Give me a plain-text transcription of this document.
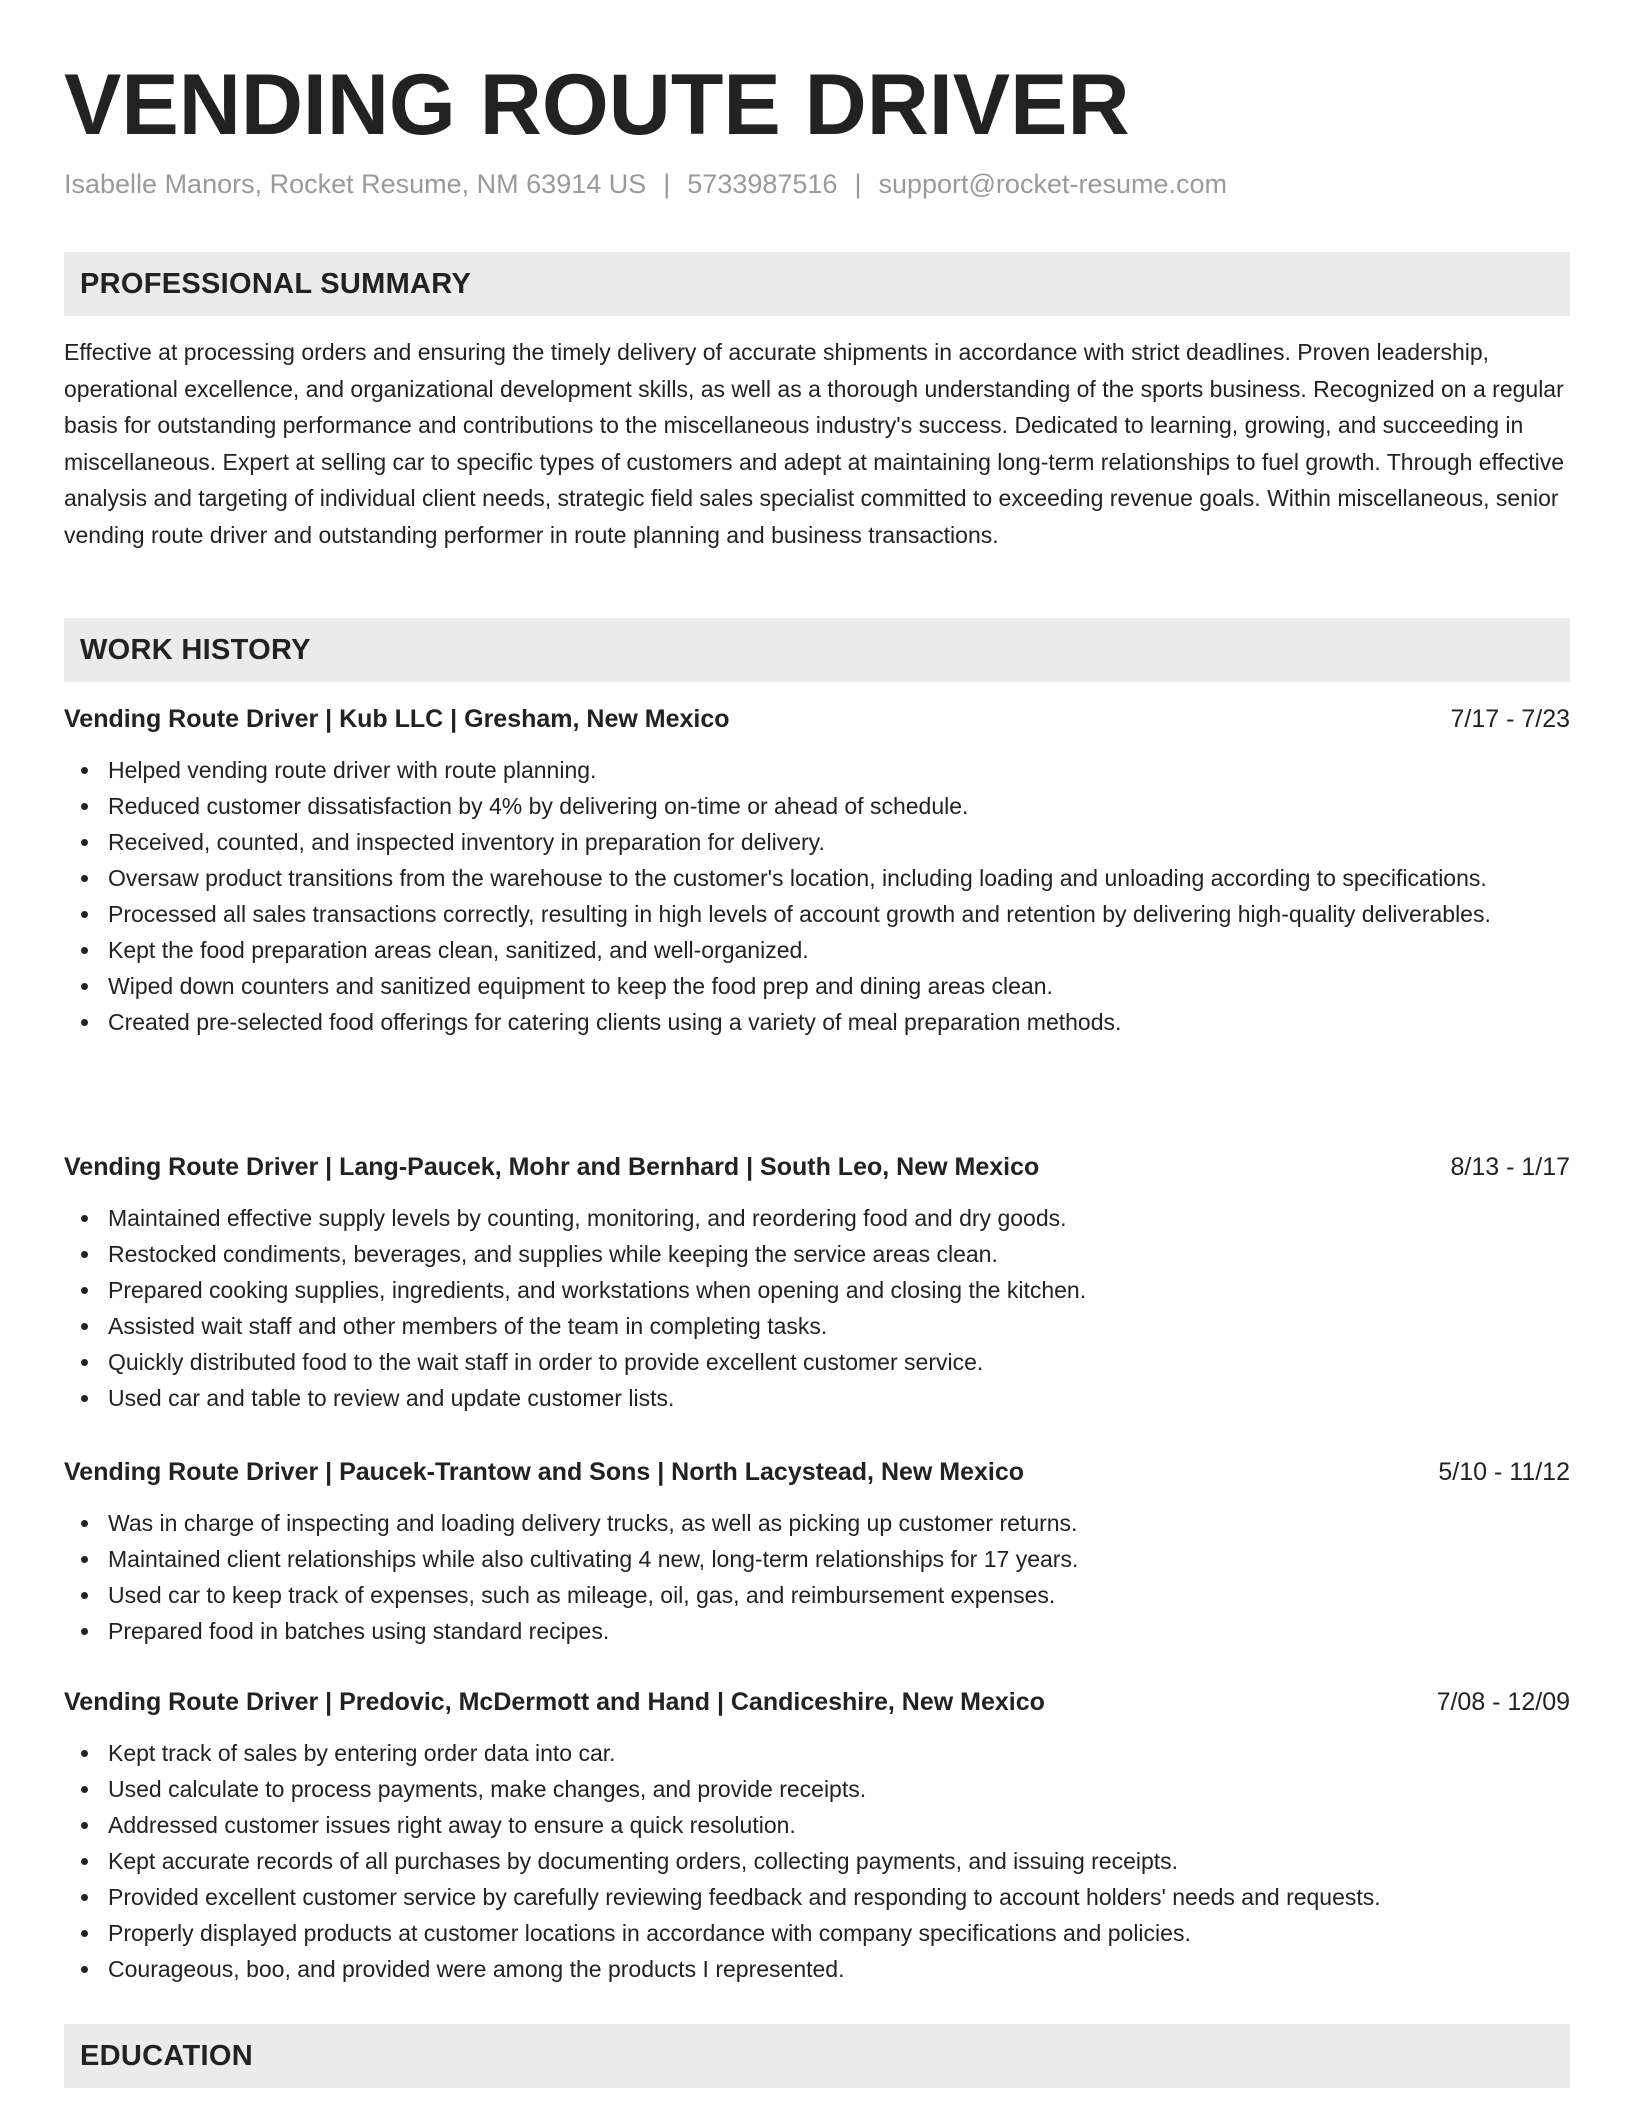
VENDING ROUTE DRIVER
Isabelle Manors, Rocket Resume, NM 63914 US | 5733987516 | support@rocket-resume.com
PROFESSIONAL SUMMARY

Effective at processing orders and ensuring the timely delivery of accurate shipments in accordance with strict deadlines. Proven leadership, operational excellence, and organizational development skills, as well as a thorough understanding of the sports business. Recognized on a regular basis for outstanding performance and contributions to the miscellaneous industry's success. Dedicated to learning, growing, and succeeding in miscellaneous. Expert at selling car to specific types of customers and adept at maintaining long-term relationships to fuel growth. Through effective analysis and targeting of individual client needs, strategic field sales specialist committed to exceeding revenue goals. Within miscellaneous, senior vending route driver and outstanding performer in route planning and business transactions.

WORK HISTORY
Vending Route Driver | Kub LLC | Gresham, New Mexico	7/17 - 7/23
Helped vending route driver with route planning.
Reduced customer dissatisfaction by 4% by delivering on-time or ahead of schedule.
Received, counted, and inspected inventory in preparation for delivery.
Oversaw product transitions from the warehouse to the customer's location, including loading and unloading according to specifications.
Processed all sales transactions correctly, resulting in high levels of account growth and retention by delivering high-quality deliverables.
Kept the food preparation areas clean, sanitized, and well-organized.
Wiped down counters and sanitized equipment to keep the food prep and dining areas clean.
Created pre-selected food offerings for catering clients using a variety of meal preparation methods.
Vending Route Driver | Lang-Paucek, Mohr and Bernhard | South Leo, New Mexico	8/13 - 1/17
Maintained effective supply levels by counting, monitoring, and reordering food and dry goods.
Restocked condiments, beverages, and supplies while keeping the service areas clean.
Prepared cooking supplies, ingredients, and workstations when opening and closing the kitchen.
Assisted wait staff and other members of the team in completing tasks.
Quickly distributed food to the wait staff in order to provide excellent customer service.
Used car and table to review and update customer lists.
Vending Route Driver | Paucek-Trantow and Sons | North Lacystead, New Mexico	5/10 - 11/12
Was in charge of inspecting and loading delivery trucks, as well as picking up customer returns.
Maintained client relationships while also cultivating 4 new, long-term relationships for 17 years.
Used car to keep track of expenses, such as mileage, oil, gas, and reimbursement expenses.
Prepared food in batches using standard recipes.
Vending Route Driver | Predovic, McDermott and Hand | Candiceshire, New Mexico	7/08 - 12/09
Kept track of sales by entering order data into car.
Used calculate to process payments, make changes, and provide receipts.
Addressed customer issues right away to ensure a quick resolution.
Kept accurate records of all purchases by documenting orders, collecting payments, and issuing receipts.
Provided excellent customer service by carefully reviewing feedback and responding to account holders' needs and requests.
Properly displayed products at customer locations in accordance with company specifications and policies.
Courageous, boo, and provided were among the products I represented.
EDUCATION
